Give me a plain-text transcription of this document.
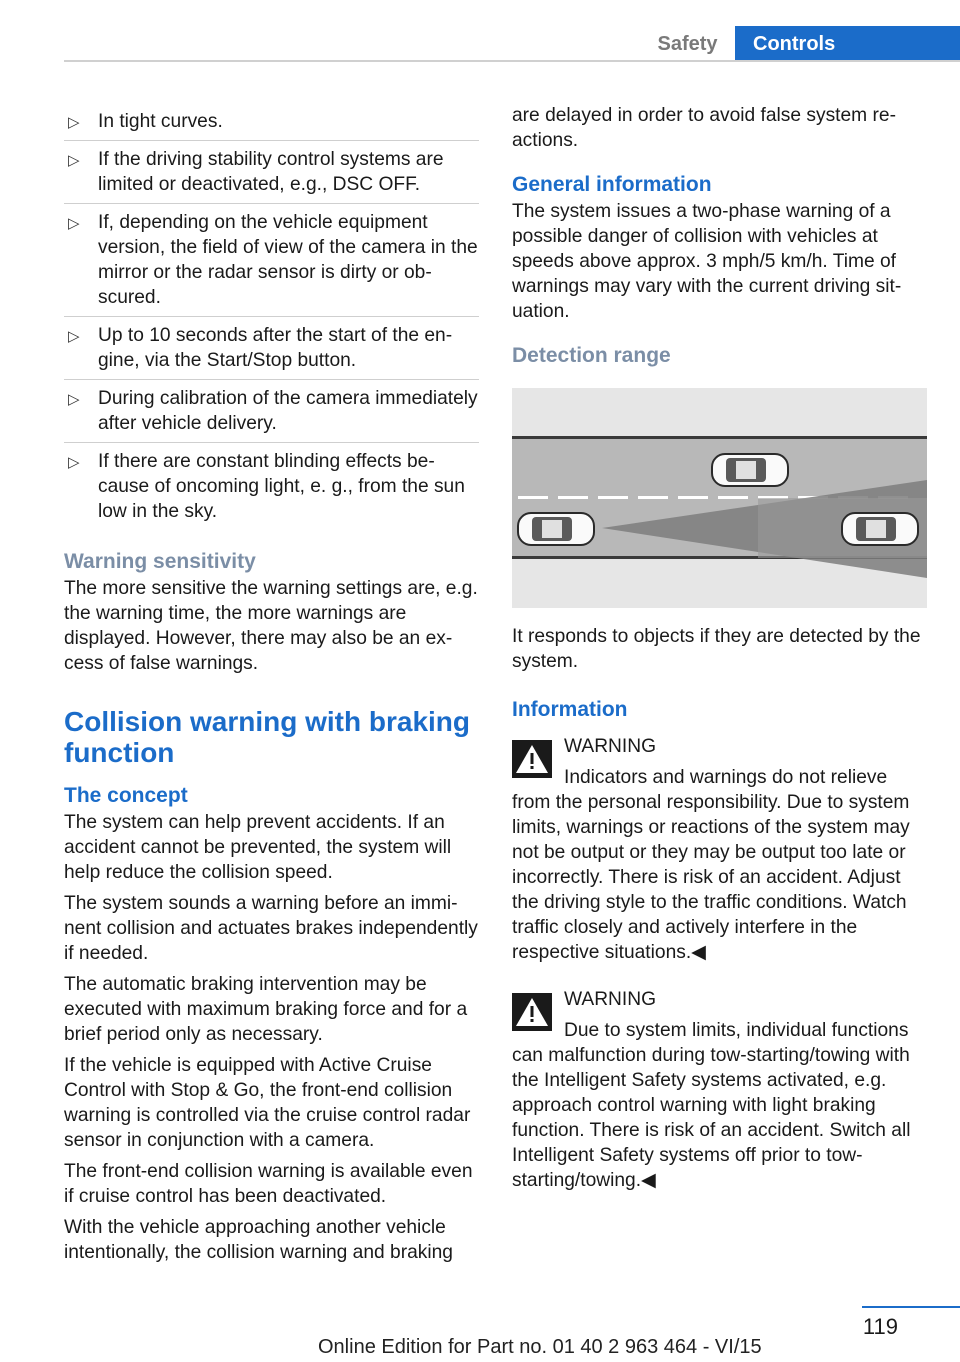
Safety	Controls
▷ In tight curves.
▷ If the driving stability control systems are limited or deactivated, e.g., DSC OFF.
▷ If, depending on the vehicle equipment version, the field of view of the camera in the mirror or the radar sensor is dirty or obscured.
▷ Up to 10 seconds after the start of the engine, via the Start/Stop button.
▷ During calibration of the camera immediately after vehicle delivery.
▷ If there are constant blinding effects because of oncoming light, e. g., from the sun low in the sky.
Warning sensitivity

The more sensitive the warning settings are, e.g. the warning time, the more warnings are displayed. However, there may also be an excess of false warnings.

Collision warning with braking function
The concept

The system can help prevent accidents. If an accident cannot be prevented, the system will help reduce the collision speed.

The system sounds a warning before an imminent collision and actuates brakes independently if needed.

The automatic braking intervention may be executed with maximum braking force and for a brief period only as necessary.

If the vehicle is equipped with Active Cruise Control with Stop & Go, the front-end collision warning is controlled via the cruise control radar sensor in conjunction with a camera.

The front-end collision warning is available even if cruise control has been deactivated.

With the vehicle approaching another vehicle intentionally, the collision warning and braking

are delayed in order to avoid false system reactions.

General information

The system issues a two-phase warning of a possible danger of collision with vehicles at speeds above approx. 3 mph/5 km/h. Time of warnings may vary with the current driving situation.

Detection range

It responds to objects if they are detected by the system.

Information
WARNING

Indicators and warnings do not relieve from the personal responsibility. Due to system limits, warnings or reactions of the system may not be output or they may be output too late or incorrectly. There is risk of an accident. Adjust the driving style to the traffic conditions. Watch traffic closely and actively interfere in the respective situations.◀

WARNING

Due to system limits, individual functions can malfunction during tow-starting/towing with the Intelligent Safety systems activated, e.g. approach control warning with light braking function. There is risk of an accident. Switch all Intelligent Safety systems off prior to tow-starting/towing.◀

119
Online Edition for Part no. 01 40 2 963 464 - VI/15
